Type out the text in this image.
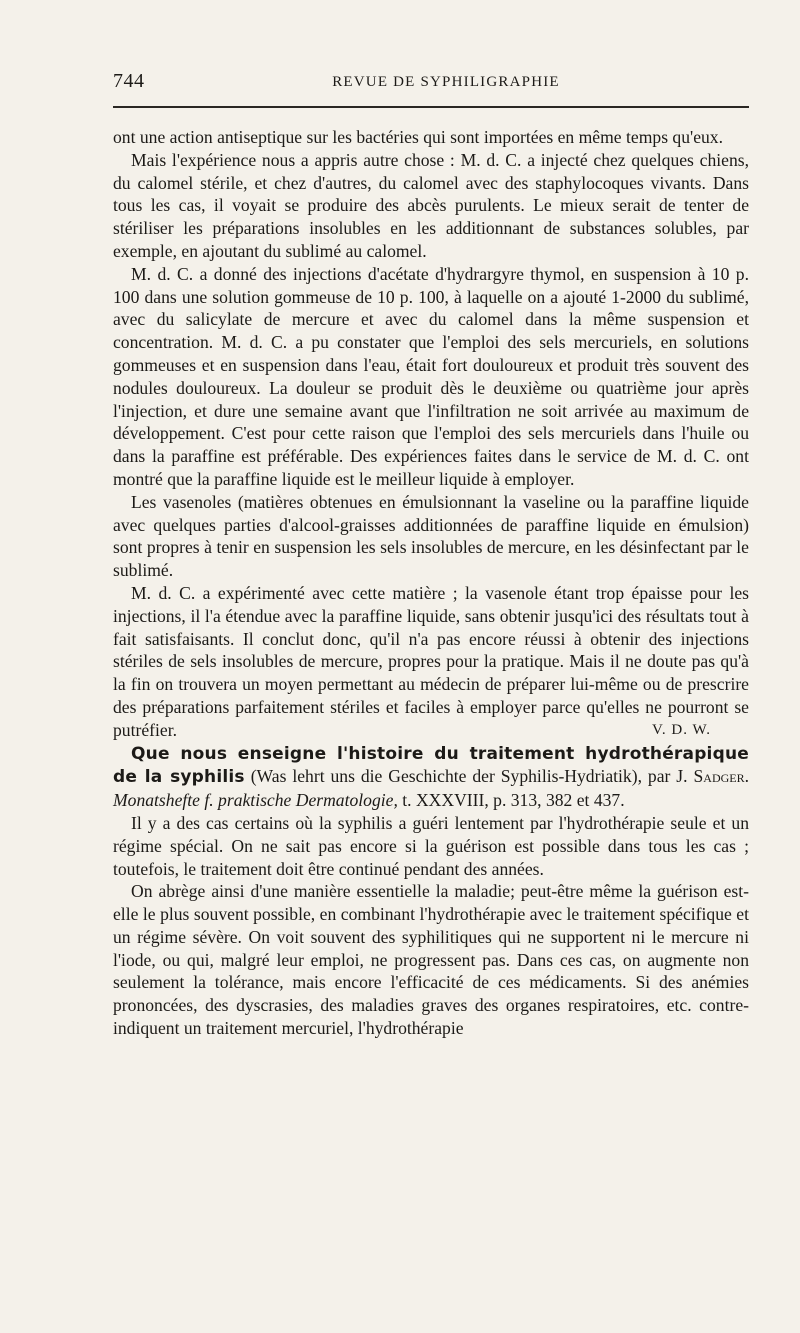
744	REVUE DE SYPHILIGRAPHIE

ont une action antiseptique sur les bactéries qui sont importées en même temps qu'eux.

Mais l'expérience nous a appris autre chose : M. d. C. a injecté chez quelques chiens, du calomel stérile, et chez d'autres, du calomel avec des staphylocoques vivants. Dans tous les cas, il voyait se produire des abcès purulents. Le mieux serait de tenter de stériliser les préparations insolubles en les additionnant de substances solubles, par exemple, en ajoutant du sublimé au calomel.

M. d. C. a donné des injections d'acétate d'hydrargyre thymol, en suspension à 10 p. 100 dans une solution gommeuse de 10 p. 100, à laquelle on a ajouté 1-2000 du sublimé, avec du salicylate de mercure et avec du calomel dans la même suspension et concentration. M. d. C. a pu constater que l'emploi des sels mercuriels, en solutions gommeuses et en suspension dans l'eau, était fort douloureux et produit très souvent des nodules douloureux. La douleur se produit dès le deuxième ou quatrième jour après l'injection, et dure une semaine avant que l'infiltration ne soit arrivée au maximum de développement. C'est pour cette raison que l'emploi des sels mercuriels dans l'huile ou dans la paraffine est préférable. Des expériences faites dans le service de M. d. C. ont montré que la paraffine liquide est le meilleur liquide à employer.

Les vasenoles (matières obtenues en émulsionnant la vaseline ou la paraffine liquide avec quelques parties d'alcool-graisses additionnées de paraffine liquide en émulsion) sont propres à tenir en suspension les sels insolubles de mercure, en les désinfectant par le sublimé.

M. d. C. a expérimenté avec cette matière ; la vasenole étant trop épaisse pour les injections, il l'a étendue avec la paraffine liquide, sans obtenir jusqu'ici des résultats tout à fait satisfaisants. Il conclut donc, qu'il n'a pas encore réussi à obtenir des injections stériles de sels insolubles de mercure, propres pour la pratique. Mais il ne doute pas qu'à la fin on trouvera un moyen permettant au médecin de préparer lui-même ou de prescrire des préparations parfaitement stériles et faciles à employer parce qu'elles ne pourront se putréfier.	V. D. W.

Que nous enseigne l'histoire du traitement hydrothérapique de la syphilis (Was lehrt uns die Geschichte der Syphilis-Hydriatik), par J. Sadger. Monatshefte f. praktische Dermatologie, t. XXXVIII, p. 313, 382 et 437.

Il y a des cas certains où la syphilis a guéri lentement par l'hydrothérapie seule et un régime spécial. On ne sait pas encore si la guérison est possible dans tous les cas ; toutefois, le traitement doit être continué pendant des années.

On abrège ainsi d'une manière essentielle la maladie; peut-être même la guérison est-elle le plus souvent possible, en combinant l'hydrothérapie avec le traitement spécifique et un régime sévère. On voit souvent des syphilitiques qui ne supportent ni le mercure ni l'iode, ou qui, malgré leur emploi, ne progressent pas. Dans ces cas, on augmente non seulement la tolérance, mais encore l'efficacité de ces médicaments. Si des anémies prononcées, des dyscrasies, des maladies graves des organes respiratoires, etc. contre-indiquent un traitement mercuriel, l'hydrothérapie
